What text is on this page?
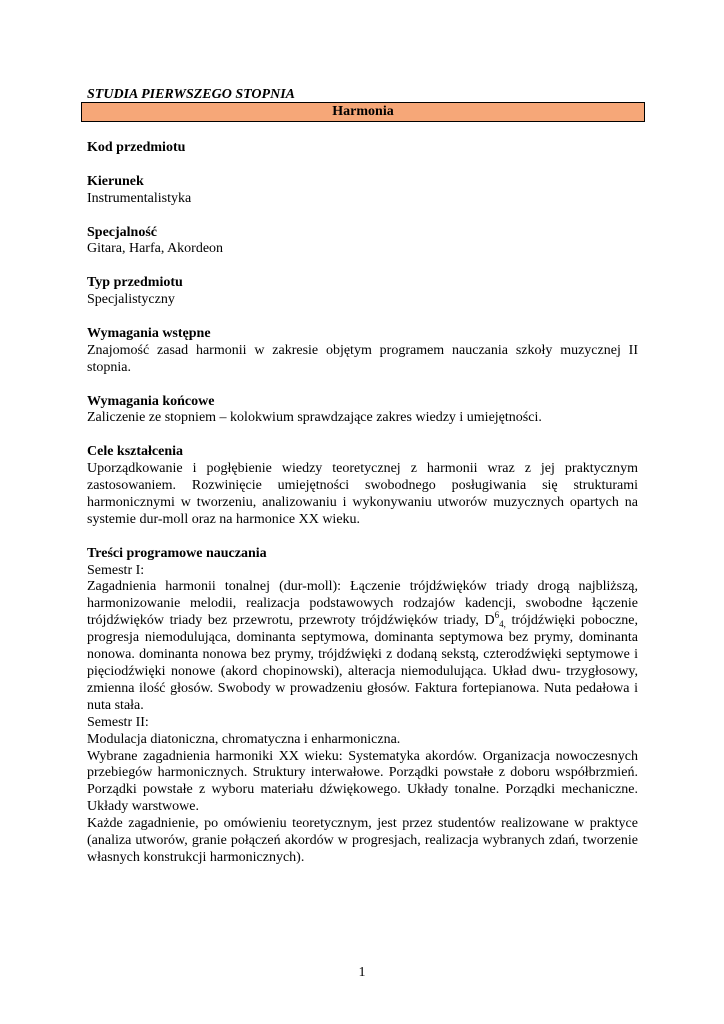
STUDIA PIERWSZEGO STOPNIA
Harmonia

Kod przedmiotu

Kierunek

Instrumentalistyka

Specjalność

Gitara, Harfa, Akordeon

Typ przedmiotu

Specjalistyczny

Wymagania wstępne

Znajomość zasad harmonii w zakresie objętym programem nauczania szkoły muzycznej II stopnia.

Wymagania końcowe

Zaliczenie ze stopniem – kolokwium sprawdzające zakres wiedzy i umiejętności.

Cele kształcenia

Uporządkowanie i pogłębienie wiedzy teoretycznej z harmonii wraz z jej praktycznym zastosowaniem. Rozwinięcie umiejętności swobodnego posługiwania się strukturami harmonicznymi w tworzeniu, analizowaniu i wykonywaniu utworów muzycznych opartych na systemie dur-moll oraz na harmonice XX wieku.

Treści programowe nauczania

Semestr I:

Zagadnienia harmonii tonalnej (dur-moll): Łączenie trójdźwięków triady drogą najbliższą, harmonizowanie melodii, realizacja podstawowych rodzajów kadencji, swobodne łączenie trójdźwięków triady bez przewrotu, przewroty trójdźwięków triady, $D^6_{4,}$ trójdźwięki poboczne, progresja niemodulująca, dominanta septymowa, dominanta septymowa bez prymy, dominanta nonowa. dominanta nonowa bez prymy, trójdźwięki z dodaną sekstą, czterodźwięki septymowe i pięciodźwięki nonowe (akord chopinowski), alteracja niemodulująca. Układ dwu- trzygłosowy, zmienna ilość głosów. Swobody w prowadzeniu głosów. Faktura fortepianowa. Nuta pedałowa i nuta stała.

Semestr II:

Modulacja diatoniczna, chromatyczna i enharmoniczna.

Wybrane zagadnienia harmoniki XX wieku: Systematyka akordów. Organizacja nowoczesnych przebiegów harmonicznych. Struktury interwałowe. Porządki powstałe z doboru współbrzmień. Porządki powstałe z wyboru materiału dźwiękowego. Układy tonalne. Porządki mechaniczne. Układy warstwowe.

Każde zagadnienie, po omówieniu teoretycznym, jest przez studentów realizowane w praktyce (analiza utworów, granie połączeń akordów w progresjach, realizacja wybranych zdań, tworzenie własnych konstrukcji harmonicznych).

1
